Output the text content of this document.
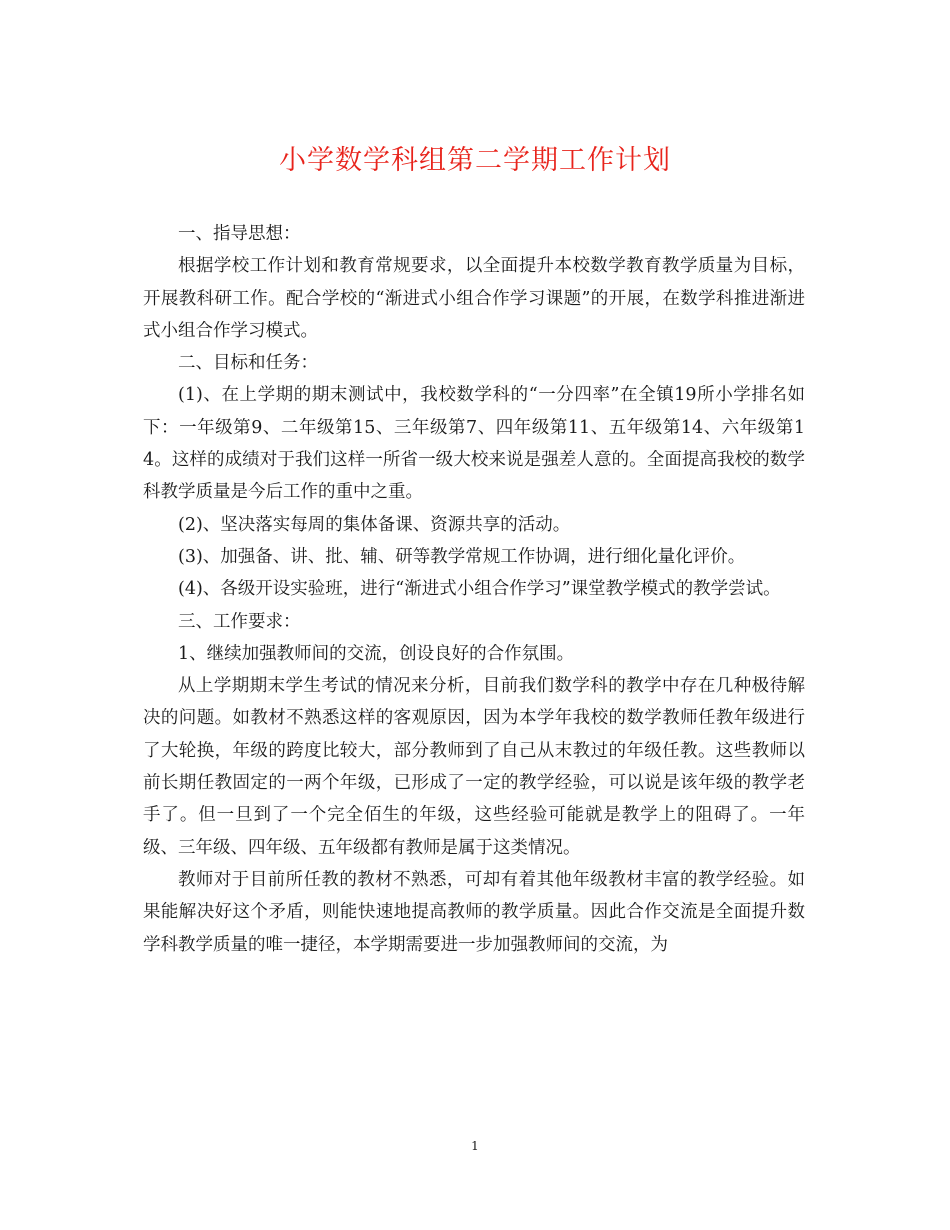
小学数学科组第二学期工作计划

一、指导思想：

根据学校工作计划和教育常规要求，以全面提升本校数学教育教学质量为目标，开展教科研工作。配合学校的“渐进式小组合作学习课题”的开展，在数学科推进渐进式小组合作学习模式。

二、目标和任务：

(1)、在上学期的期末测试中，我校数学科的“一分四率”在全镇19所小学排名如下：一年级第9、二年级第15、三年级第7、四年级第11、五年级第14、六年级第14。这样的成绩对于我们这样一所省一级大校来说是强差人意的。全面提高我校的数学科教学质量是今后工作的重中之重。

(2)、坚决落实每周的集体备课、资源共享的活动。

(3)、加强备、讲、批、辅、研等教学常规工作协调，进行细化量化评价。

(4)、各级开设实验班，进行“渐进式小组合作学习”课堂教学模式的教学尝试。

三、工作要求：

1、继续加强教师间的交流，创设良好的合作氛围。

从上学期期末学生考试的情况来分析，目前我们数学科的教学中存在几种极待解决的问题。如教材不熟悉这样的客观原因，因为本学年我校的数学教师任教年级进行了大轮换，年级的跨度比较大，部分教师到了自己从末教过的年级任教。这些教师以前长期任教固定的一两个年级，已形成了一定的教学经验，可以说是该年级的教学老手了。但一旦到了一个完全佰生的年级，这些经验可能就是教学上的阻碍了。一年级、三年级、四年级、五年级都有教师是属于这类情况。

教师对于目前所任教的教材不熟悉，可却有着其他年级教材丰富的教学经验。如果能解决好这个矛盾，则能快速地提高教师的教学质量。因此合作交流是全面提升数学科教学质量的唯一捷径，本学期需要进一步加强教师间的交流，为

1
